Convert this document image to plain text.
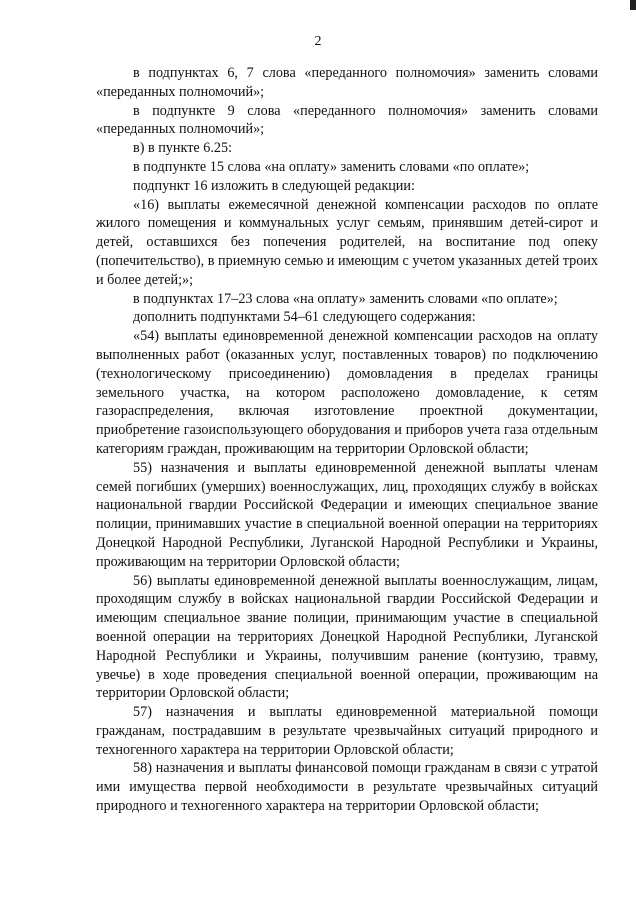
2

в подпунктах 6, 7 слова «переданного полномочия» заменить словами «переданных полномочий»;

в подпункте 9 слова «переданного полномочия» заменить словами «переданных полномочий»;

в) в пункте 6.25:

в подпункте 15 слова «на оплату» заменить словами «по оплате»;

подпункт 16 изложить в следующей редакции:

«16) выплаты ежемесячной денежной компенсации расходов по оплате жилого помещения и коммунальных услуг семьям, принявшим детей-сирот и детей, оставшихся без попечения родителей, на воспитание под опеку (попечительство), в приемную семью и имеющим с учетом указанных детей троих и более детей;»;

в подпунктах 17–23 слова «на оплату» заменить словами «по оплате»;

дополнить подпунктами 54–61 следующего содержания:

«54) выплаты единовременной денежной компенсации расходов на оплату выполненных работ (оказанных услуг, поставленных товаров) по подключению (технологическому присоединению) домовладения в пределах границы земельного участка, на котором расположено домовладение, к сетям газораспределения, включая изготовление проектной документации, приобретение газоиспользующего оборудования и приборов учета газа отдельным категориям граждан, проживающим на территории Орловской области;

55) назначения и выплаты единовременной денежной выплаты членам семей погибших (умерших) военнослужащих, лиц, проходящих службу в войсках национальной гвардии Российской Федерации и имеющих специальное звание полиции, принимавших участие в специальной военной операции на территориях Донецкой Народной Республики, Луганской Народной Республики и Украины, проживающим на территории Орловской области;

56) выплаты единовременной денежной выплаты военнослужащим, лицам, проходящим службу в войсках национальной гвардии Российской Федерации и имеющим специальное звание полиции, принимающим участие в специальной военной операции на территориях Донецкой Народной Республики, Луганской Народной Республики и Украины, получившим ранение (контузию, травму, увечье) в ходе проведения специальной военной операции, проживающим на территории Орловской области;

57) назначения и выплаты единовременной материальной помощи гражданам, пострадавшим в результате чрезвычайных ситуаций природного и техногенного характера на территории Орловской области;

58) назначения и выплаты финансовой помощи гражданам в связи с утратой ими имущества первой необходимости в результате чрезвычайных ситуаций природного и техногенного характера на территории Орловской области;
